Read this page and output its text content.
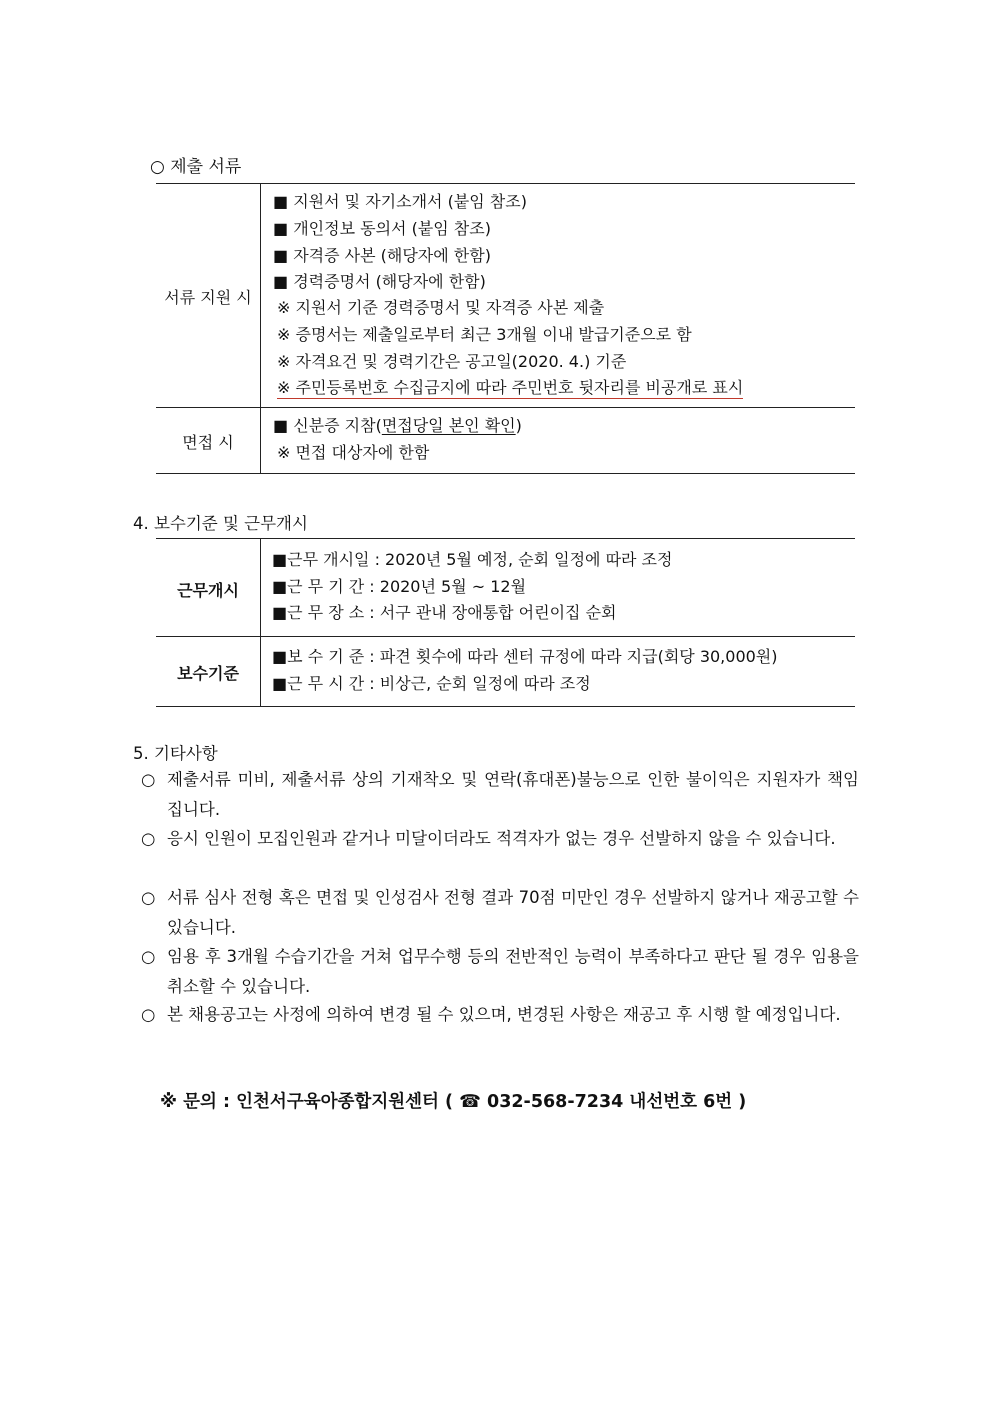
○ 제출 서류
서류 지원 시
■ 지원서 및 자기소개서 (붙임 참조)
■ 개인정보 동의서 (붙임 참조)
■ 자격증 사본 (해당자에 한함)
■ 경력증명서 (해당자에 한함)
※ 지원서 기준 경력증명서 및 자격증 사본 제출
※ 증명서는 제출일로부터 최근 3개월 이내 발급기준으로 함
※ 자격요건 및 경력기간은 공고일(2020. 4.) 기준
※ 주민등록번호 수집금지에 따라 주민번호 뒷자리를 비공개로 표시
면접 시
■ 신분증 지참(면접당일 본인 확인)
※ 면접 대상자에 한함
4. 보수기준 및 근무개시
근무개시
■근무 개시일 : 2020년 5월 예정, 순회 일정에 따라 조정
■근 무 기 간 : 2020년 5월 ~ 12월
■근 무 장 소 : 서구 관내 장애통합 어린이집 순회
보수기준
■보 수 기 준 : 파견 횟수에 따라 센터 규정에 따라 지급(회당 30,000원)
■근 무 시 간 : 비상근, 순회 일정에 따라 조정
5. 기타사항
○ 제출서류 미비, 제출서류 상의 기재착오 및 연락(휴대폰)불능으로 인한 불이익은 지원자가 책임집니다.
○ 응시 인원이 모집인원과 같거나 미달이더라도 적격자가 없는 경우 선발하지 않을 수 있습니다.
○ 서류 심사 전형 혹은 면접 및 인성검사 전형 결과 70점 미만인 경우 선발하지 않거나 재공고할 수 있습니다.
○ 임용 후 3개월 수습기간을 거쳐 업무수행 등의 전반적인 능력이 부족하다고 판단 될 경우 임용을 취소할 수 있습니다.
○ 본 채용공고는 사정에 의하여 변경 될 수 있으며, 변경된 사항은 재공고 후 시행 할 예정입니다.
※ 문의 : 인천서구육아종합지원센터 ( ☎ 032-568-7234 내선번호 6번 )
